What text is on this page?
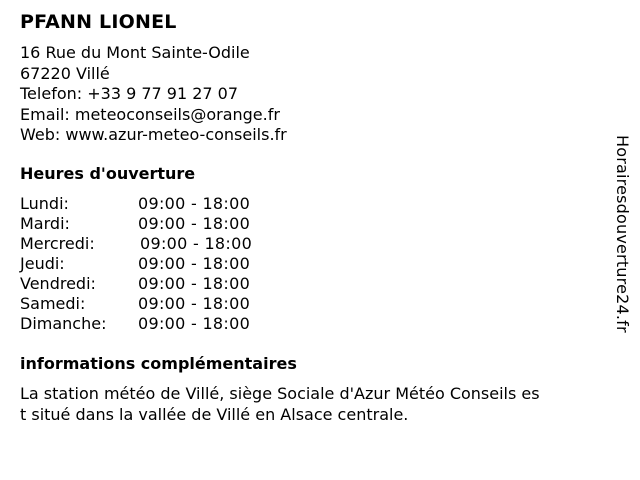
PFANN LIONEL
16 Rue du Mont Sainte-Odile
67220 Villé
Telefon: +33 9 77 91 27 07
Email: meteoconseils@orange.fr
Web: www.azur-meteo-conseils.fr
Heures d'ouverture
Lundi:	09:00 - 18:00
Mardi:	09:00 - 18:00
Mercredi:	09:00 - 18:00
Jeudi:	09:00 - 18:00
Vendredi:	09:00 - 18:00
Samedi:	09:00 - 18:00
Dimanche: 09:00 - 18:00
informations complémentaires
La station météo de Villé, siège Sociale d'Azur Météo Conseils es
t situé dans la vallée de Villé en Alsace centrale.
Horairesdouverture24.fr
